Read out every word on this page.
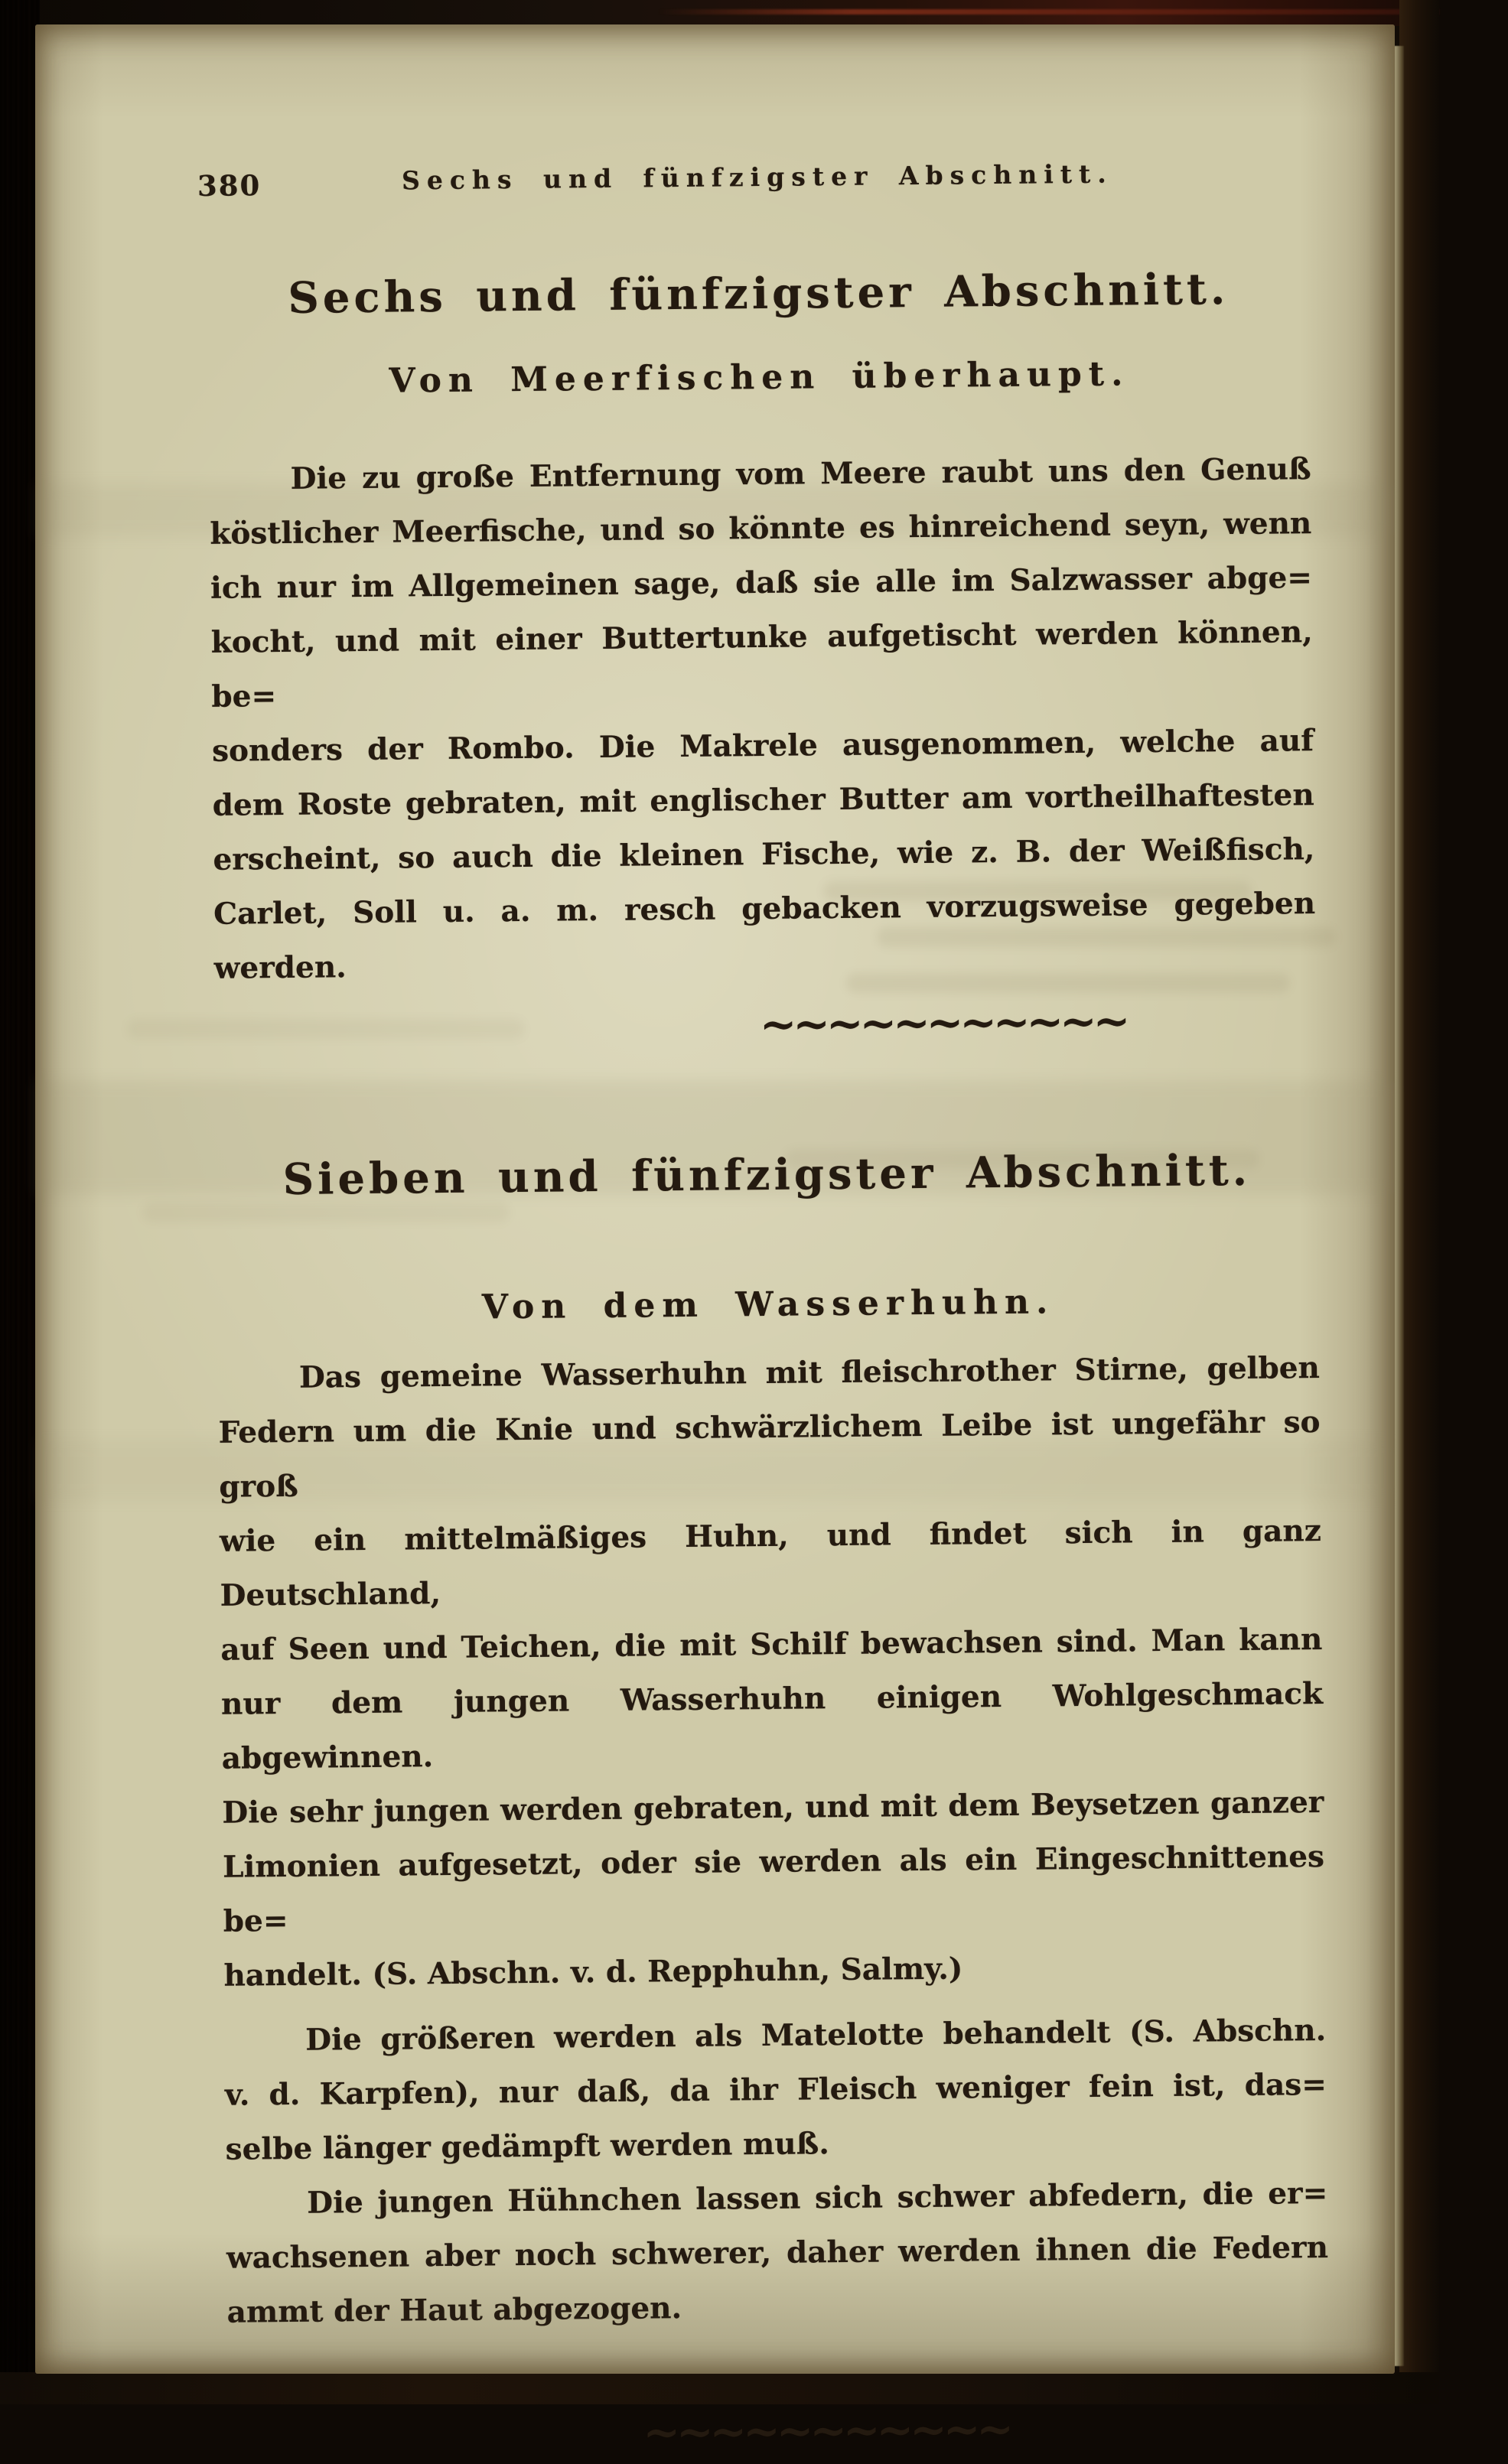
380	Sechs und fünfzigster Abschnitt.
Sechs und fünfzigster Abschnitt.
Von Meerfischen überhaupt.
Die zu große Entfernung vom Meere raubt uns den Genuß
köstlicher Meerfische, und so könnte es hinreichend seyn, wenn
ich nur im Allgemeinen sage, daß sie alle im Salzwasser abge=
kocht, und mit einer Buttertunke aufgetischt werden können, be=
sonders der Rombo. Die Makrele ausgenommen, welche auf
dem Roste gebraten, mit englischer Butter am vortheilhaftesten
erscheint, so auch die kleinen Fische, wie z. B. der Weißfisch,
Carlet, Soll u. a. m. resch gebacken vorzugsweise gegeben werden.
~~~~~~~~~~~
Sieben und fünfzigster Abschnitt.
Von dem Wasserhuhn.
Das gemeine Wasserhuhn mit fleischrother Stirne, gelben
Federn um die Knie und schwärzlichem Leibe ist ungefähr so groß
wie ein mittelmäßiges Huhn, und findet sich in ganz Deutschland,
auf Seen und Teichen, die mit Schilf bewachsen sind. Man kann
nur dem jungen Wasserhuhn einigen Wohlgeschmack abgewinnen.
Die sehr jungen werden gebraten, und mit dem Beysetzen ganzer
Limonien aufgesetzt, oder sie werden als ein Eingeschnittenes be=
handelt. (S. Abschn. v. d. Repphuhn, Salmy.)
Die größeren werden als Matelotte behandelt (S. Abschn.
v. d. Karpfen), nur daß, da ihr Fleisch weniger fein ist, das=
selbe länger gedämpft werden muß.
Die jungen Hühnchen lassen sich schwer abfedern, die er=
wachsenen aber noch schwerer, daher werden ihnen die Federn
ammt der Haut abgezogen.
~~~~~~~~~~~
